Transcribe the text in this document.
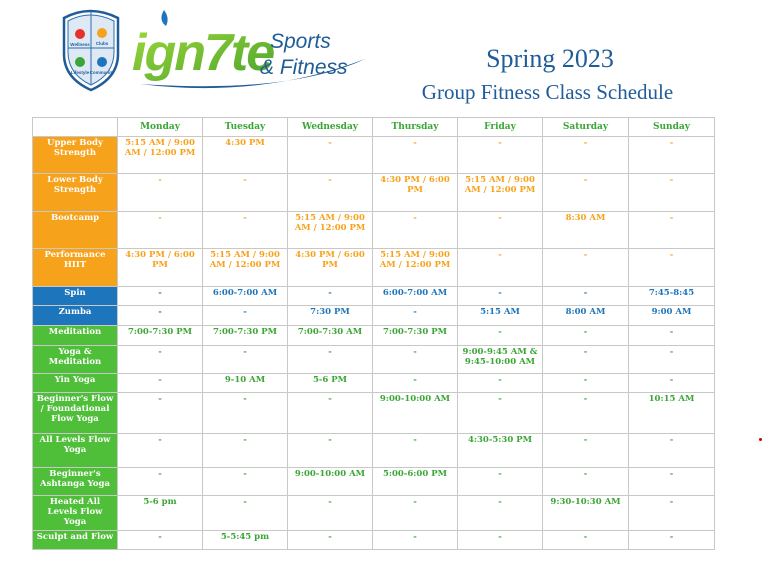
Wellness Clubs
Lifestyle Community ign7te
Sports
& Fitness	Spring 2023
Group Fitness Class Schedule
	Monday	Tuesday	Wednesday	Thursday	Friday	Saturday	Sunday
Upper Body Strength	5:15 AM / 9:00 AM / 12:00 PM	4:30 PM	-	-	-	-	-
Lower Body Strength	-	-	-	4:30 PM / 6:00 PM	5:15 AM / 9:00 AM / 12:00 PM	-	-
Bootcamp	-	-	5:15 AM / 9:00 AM / 12:00 PM	-	-	8:30 AM	-
Performance HIIT	4:30 PM / 6:00 PM	5:15 AM / 9:00 AM / 12:00 PM	4:30 PM / 6:00 PM	5:15 AM / 9:00 AM / 12:00 PM	-	-	-
Spin	-	6:00-7:00 AM	-	6:00-7:00 AM	-	-	7:45-8:45
Zumba	-	-	7:30 PM	-	5:15 AM	8:00 AM	9:00 AM
Meditation	7:00-7:30 PM	7:00-7:30 PM	7:00-7:30 AM	7:00-7:30 PM	-	-	-
Yoga & Meditation	-	-	-	-	9:00-9:45 AM & 9:45-10:00 AM	-	-
Yin Yoga	-	9-10 AM	5-6 PM	-	-	-	-
Beginner's Flow / Foundational Flow Yoga	-	-	-	9:00-10:00 AM	-	-	10:15 AM
All Levels Flow Yoga	-	-	-	-	4:30-5:30 PM	-	-
Beginner's Ashtanga Yoga	-	-	9:00-10:00 AM	5:00-6:00 PM	-	-	-
Heated All Levels Flow Yoga	5-6 pm	-	-	-	-	9:30-10:30 AM	-
Sculpt and Flow	-	5-5:45 pm	-	-	-	-	-
